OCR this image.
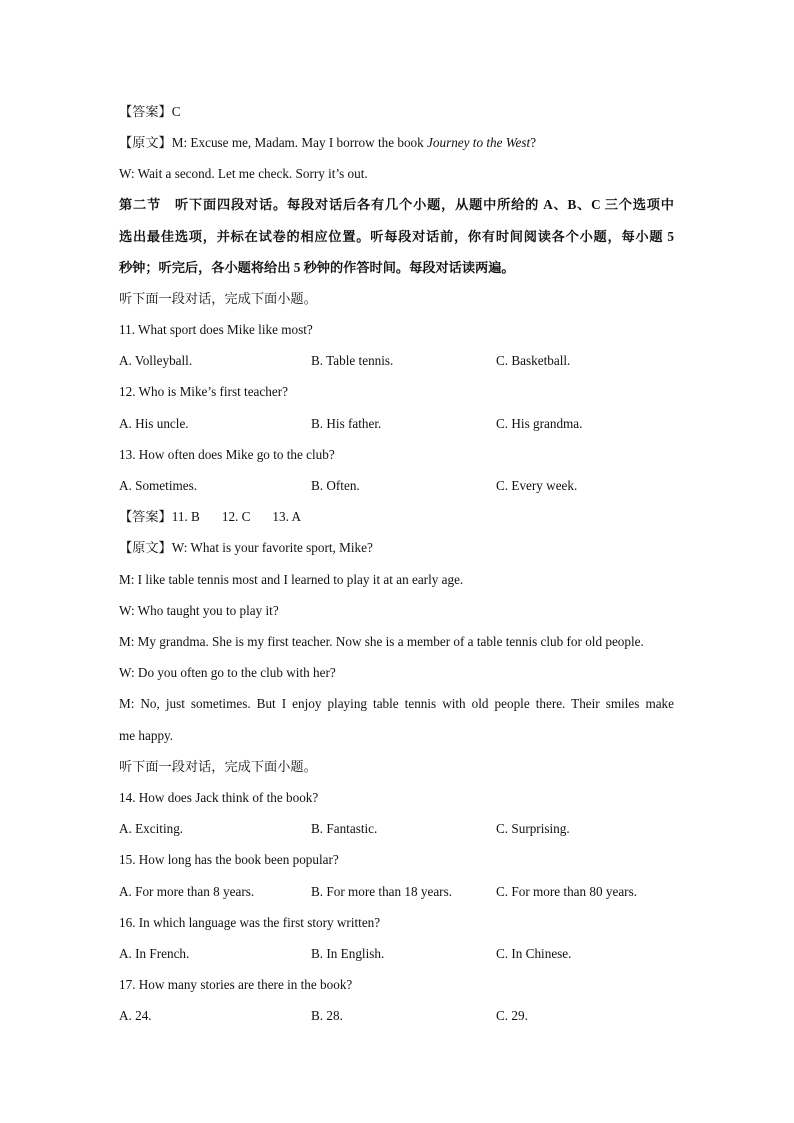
【答案】C
【原文】M: Excuse me, Madam. May I borrow the book Journey to the West?
W: Wait a second. Let me check. Sorry it’s out.
第二节　听下面四段对话。每段对话后各有几个小题，从题中所给的 A、B、C 三个选项中
选出最佳选项，并标在试卷的相应位置。听每段对话前，你有时间阅读各个小题，每小题 5
秒钟；听完后，各小题将给出 5 秒钟的作答时间。每段对话读两遍。
听下面一段对话，完成下面小题。
11. What sport does Mike like most?
A. Volleyball.	B. Table tennis.	C. Basketball.
12. Who is Mike’s first teacher?
A. His uncle.	B. His father.	C. His grandma.
13. How often does Mike go to the club?
A. Sometimes.	B. Often.	C. Every week.
【答案】11. B 12. C 13. A
【原文】W: What is your favorite sport, Mike?
M: I like table tennis most and I learned to play it at an early age.
W: Who taught you to play it?
M: My grandma. She is my first teacher. Now she is a member of a table tennis club for old people.
W: Do you often go to the club with her?
M: No, just sometimes. But I enjoy playing table tennis with old people there. Their smiles make
me happy.
听下面一段对话，完成下面小题。
14. How does Jack think of the book?
A. Exciting.	B. Fantastic.	C. Surprising.
15. How long has the book been popular?
A. For more than 8 years.	B. For more than 18 years.	C. For more than 80 years.
16. In which language was the first story written?
A. In French.	B. In English.	C. In Chinese.
17. How many stories are there in the book?
A. 24.	B. 28.	C. 29.
